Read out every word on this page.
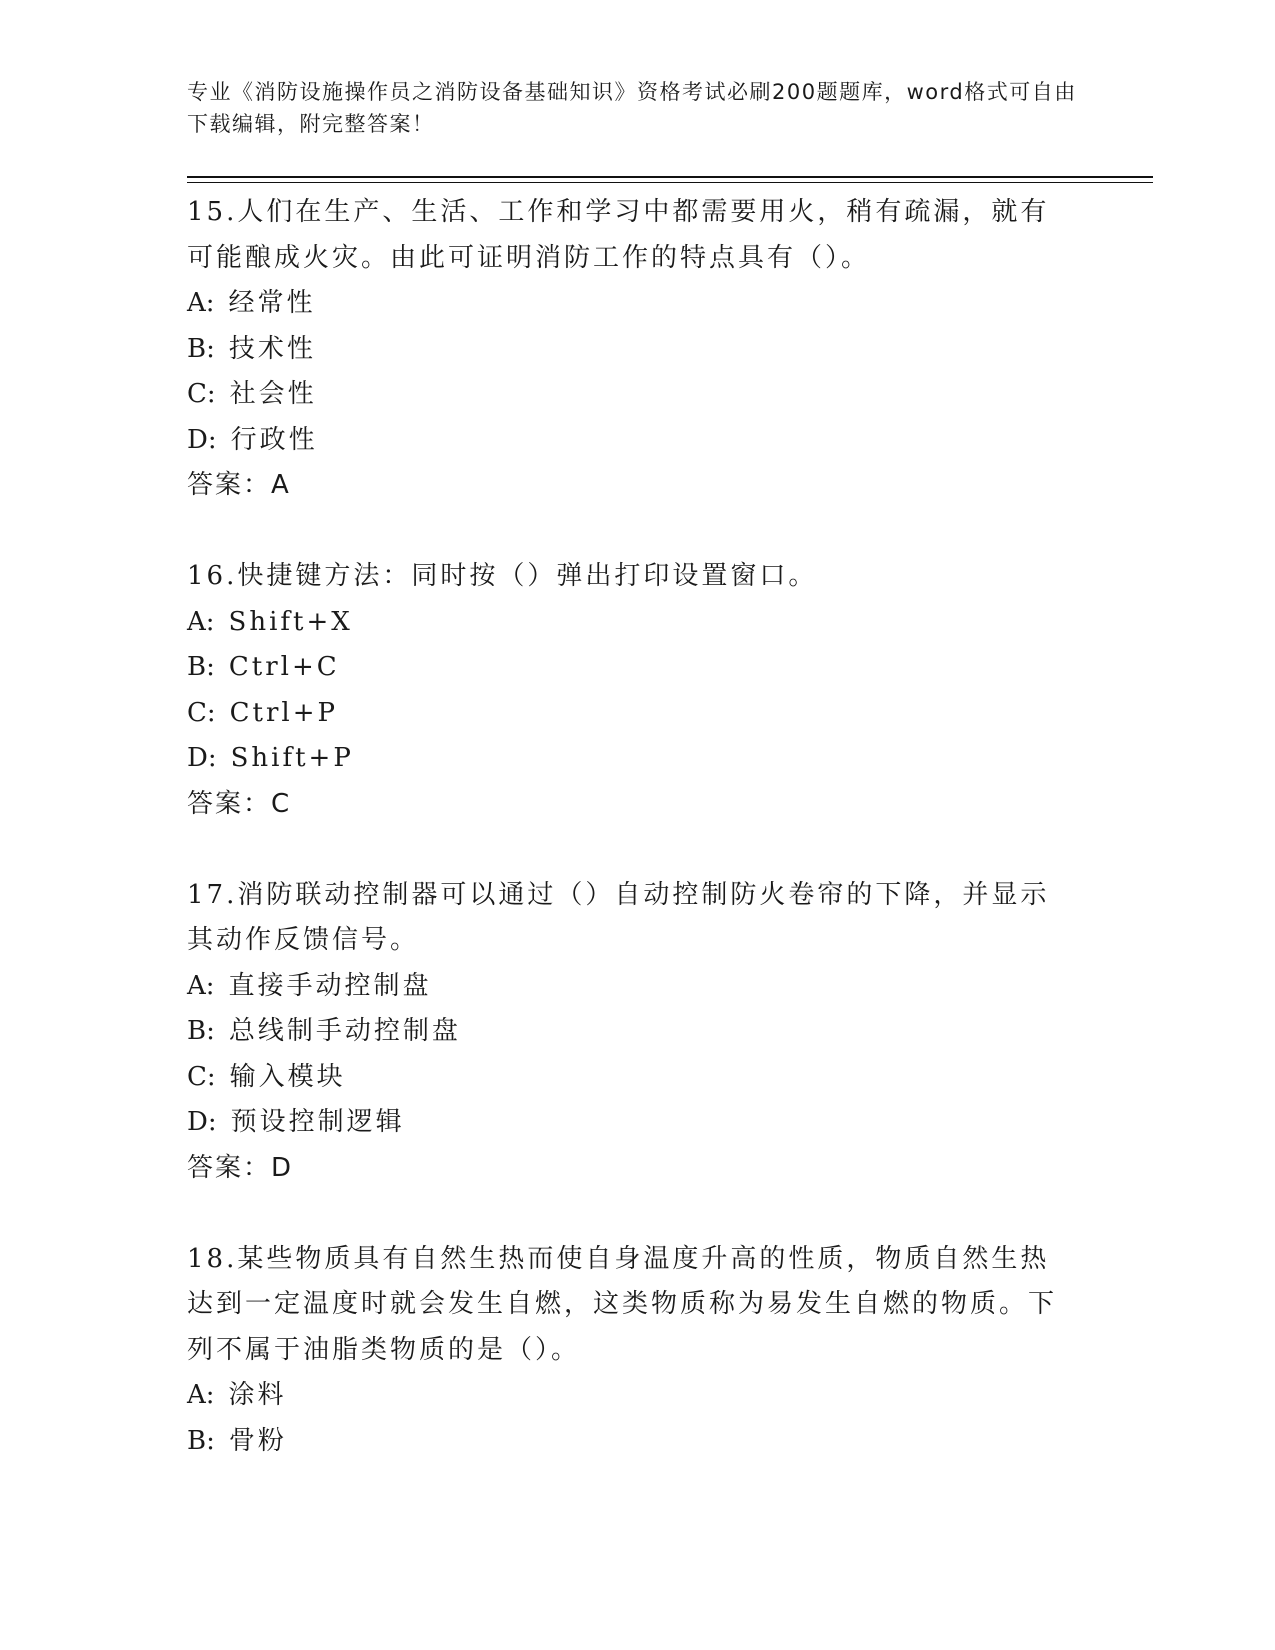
专业《消防设施操作员之消防设备基础知识》资格考试必刷200题题库，word格式可自由下载编辑，附完整答案！
15.人们在生产、生活、工作和学习中都需要用火，稍有疏漏，就有可能酿成火灾。由此可证明消防工作的特点具有（）。
A: 经常性
B: 技术性
C: 社会性
D: 行政性
答案：A
16.快捷键方法：同时按（）弹出打印设置窗口。
A: Shift+X
B: Ctrl+C
C: Ctrl+P
D: Shift+P
答案：C
17.消防联动控制器可以通过（）自动控制防火卷帘的下降，并显示其动作反馈信号。
A: 直接手动控制盘
B: 总线制手动控制盘
C: 输入模块
D: 预设控制逻辑
答案：D
18.某些物质具有自然生热而使自身温度升高的性质，物质自然生热达到一定温度时就会发生自燃，这类物质称为易发生自燃的物质。下列不属于油脂类物质的是（）。
A: 涂料
B: 骨粉
